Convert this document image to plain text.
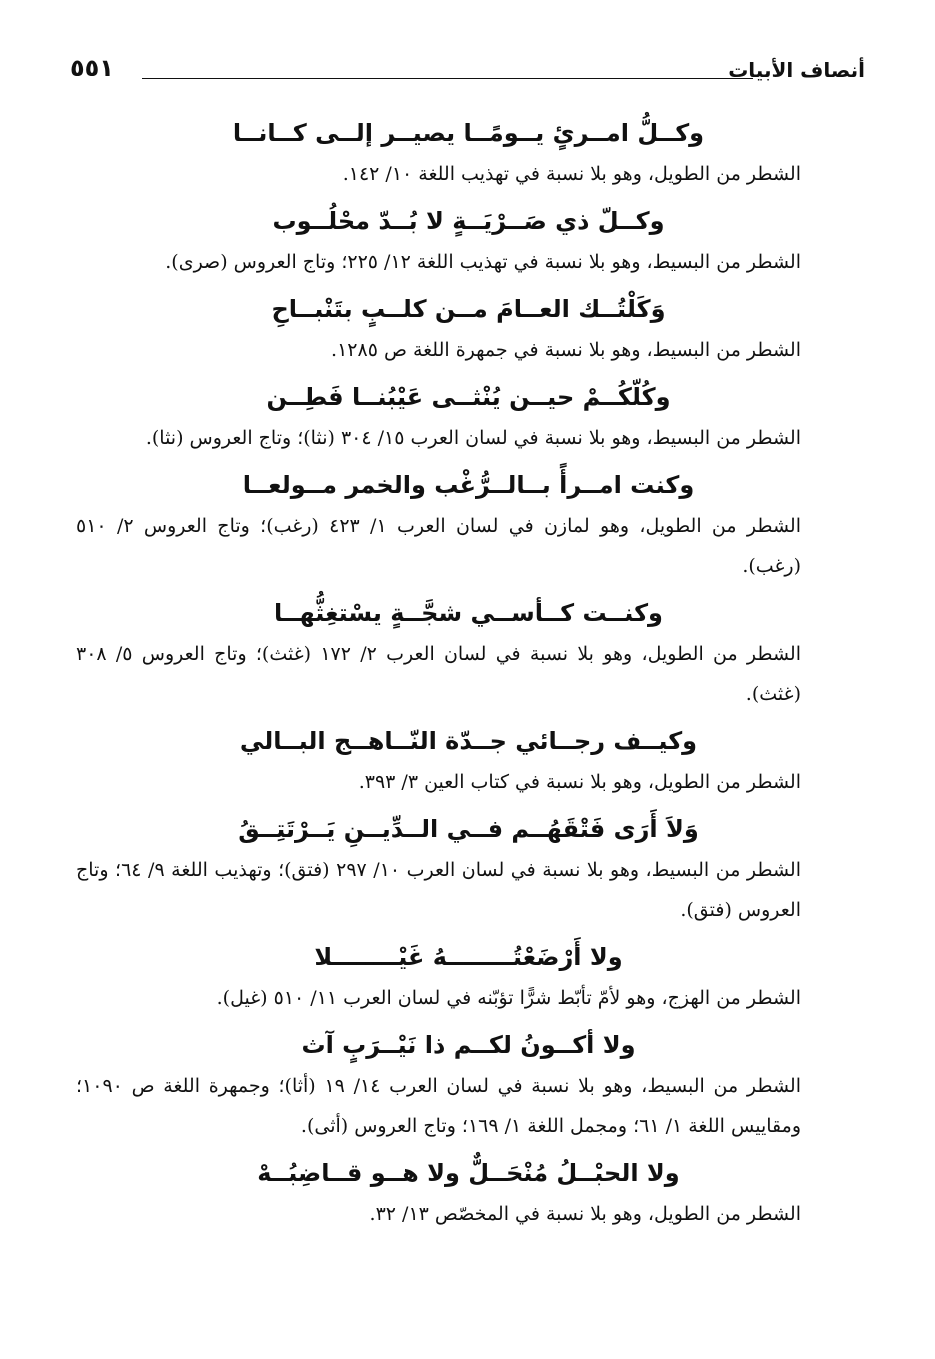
أنصاف الأبيات
٥٥١
وكــلُّ امــرئٍ يــومًــا يصيــر إلــى كــانــا
الشطر من الطويل، وهو بلا نسبة في تهذيب اللغة ١٠/ ١٤٢.
وكــلّ ذي صَــرْيَــةٍ لا بُــدّ محْلُــوب
الشطر من البسيط، وهو بلا نسبة في تهذيب اللغة ١٢/ ٢٢٥؛ وتاج العروس (صرى).
وَكَلْتُــك العــامَ مــن كلــبٍ بتَنْبــاحِ
الشطر من البسيط، وهو بلا نسبة في جمهرة اللغة ص ١٢٨٥.
وكُلّكُــمْ حيــن يُنْثــى عَيْبُنــا فَطِــن
الشطر من البسيط، وهو بلا نسبة في لسان العرب ١٥/ ٣٠٤ (نثا)؛ وتاج العروس (نثا).
وكنت امــرأً بــالــرُّغْب والخمر مــولعــا
الشطر من الطويل، وهو لمازن في لسان العرب ١/ ٤٢٣ (رغب)؛ وتاج العروس ٢/ ٥١٠ (رغب).
وكنــت كــأســي شجَّــةٍ يسْتغِثُّهــا
الشطر من الطويل، وهو بلا نسبة في لسان العرب ٢/ ١٧٢ (غثث)؛ وتاج العروس ٥/ ٣٠٨ (غثث).
وكيــف رجــائي جــدّة النّــاهــج البــالي
الشطر من الطويل، وهو بلا نسبة في كتاب العين ٣/ ٣٩٣.
وَلاَ أَرَى فَتْقَهُــم فــي الــدِّيــنِ يَــرْتَتِــقُ
الشطر من البسيط، وهو بلا نسبة في لسان العرب ١٠/ ٢٩٧ (فتق)؛ وتهذيب اللغة ٩/ ٦٤؛ وتاج العروس (فتق).
ولا أَرْضَعْتُــــــــهُ غَيْــــــــلا
الشطر من الهزج، وهو لأمّ تأبّط شرًّا تؤبّنه في لسان العرب ١١/ ٥١٠ (غيل).
ولا أكــونُ لكــم ذا نَيْــرَبٍ آث
الشطر من البسيط، وهو بلا نسبة في لسان العرب ١٤/ ١٩ (أثا)؛ وجمهرة اللغة ص ١٠٩٠؛ ومقاييس اللغة ١/ ٦١؛ ومجمل اللغة ١/ ١٦٩؛ وتاج العروس (أثى).
ولا الحبْــلُ مُنْحَــلٌّ ولا هــو قــاضِبُــهْ
الشطر من الطويل، وهو بلا نسبة في المخصّص ١٣/ ٣٢.
